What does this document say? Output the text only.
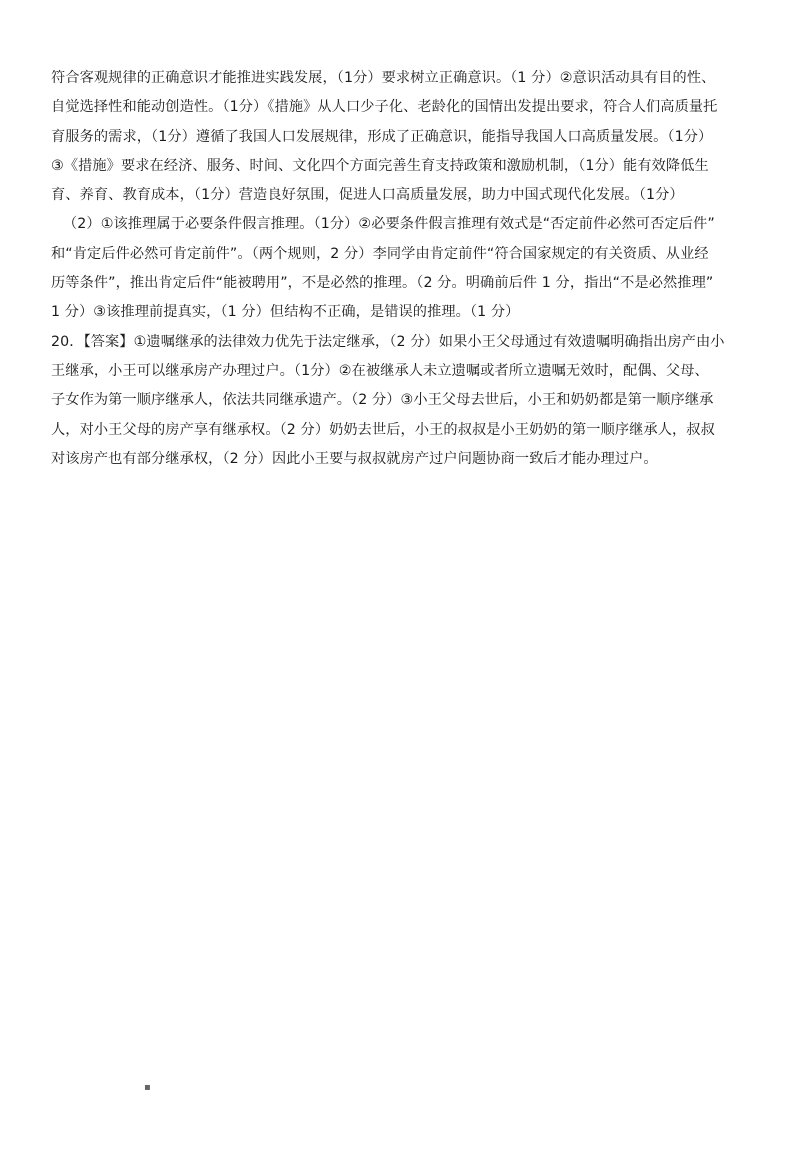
符合客观规律的正确意识才能推进实践发展，（1分）要求树立正确意识。（1 分）②意识活动具有目的性、
自觉选择性和能动创造性。（1分）《措施》从人口少子化、老龄化的国情出发提出要求，符合人们高质量托
育服务的需求，（1分）遵循了我国人口发展规律，形成了正确意识，能指导我国人口高质量发展。（1分）
③《措施》要求在经济、服务、时间、文化四个方面完善生育支持政策和激励机制，（1分）能有效降低生
育、养育、教育成本，（1分）营造良好氛围，促进人口高质量发展，助力中国式现代化发展。（1分）
（2）①该推理属于必要条件假言推理。（1分）②必要条件假言推理有效式是“否定前件必然可否定后件”
和“肯定后件必然可肯定前件”。（两个规则，2 分）李同学由肯定前件“符合国家规定的有关资质、从业经
历等条件”，推出肯定后件“能被聘用”，不是必然的推理。（2 分。明确前后件 1 分，指出“不是必然推理”
1 分）③该推理前提真实，（1 分）但结构不正确，是错误的推理。（1 分）
20．【答案】①遗嘱继承的法律效力优先于法定继承，（2 分）如果小王父母通过有效遗嘱明确指出房产由小
王继承，小王可以继承房产办理过户。（1分）②在被继承人未立遗嘱或者所立遗嘱无效时，配偶、父母、
子女作为第一顺序继承人，依法共同继承遗产。（2 分）③小王父母去世后，小王和奶奶都是第一顺序继承
人，对小王父母的房产享有继承权。（2 分）奶奶去世后，小王的叔叔是小王奶奶的第一顺序继承人，叔叔
对该房产也有部分继承权，（2 分）因此小王要与叔叔就房产过户问题协商一致后才能办理过户。
▪
